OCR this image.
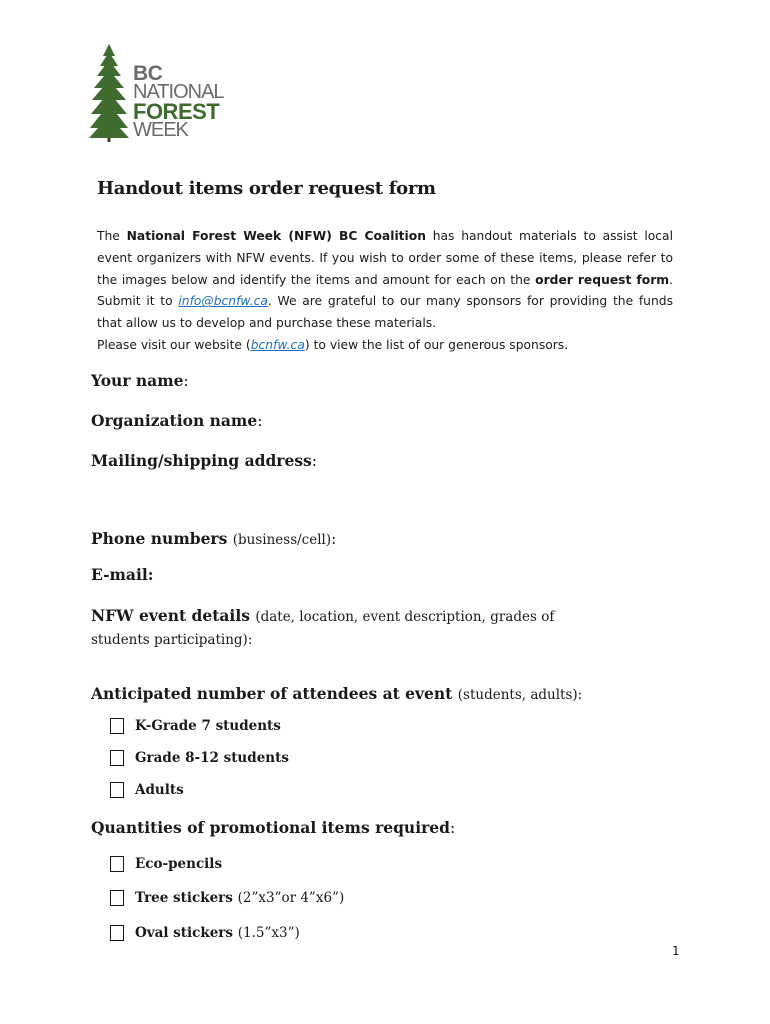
BC
NATIONAL
FOREST
WEEK
Handout items order request form

The National Forest Week (NFW) BC Coalition has handout materials to assist local event organizers with NFW events. If you wish to order some of these items, please refer to the images below and identify the items and amount for each on the order request form. Submit it to info@bcnfw.ca. We are grateful to our many sponsors for providing the funds that allow us to develop and purchase these materials.

Please visit our website (bcnfw.ca) to view the list of our generous sponsors.

Your name:
Organization name:
Mailing/shipping address:
Phone numbers (business/cell):
E-mail:
NFW event details (date, location, event description, grades of
students participating):
Anticipated number of attendees at event (students, adults):
K-Grade 7 students
Grade 8-12 students
Adults
Quantities of promotional items required:
Eco-pencils
Tree stickers
(2”x3”or 4”x6”)
Oval stickers
(1.5”x3”)
1
